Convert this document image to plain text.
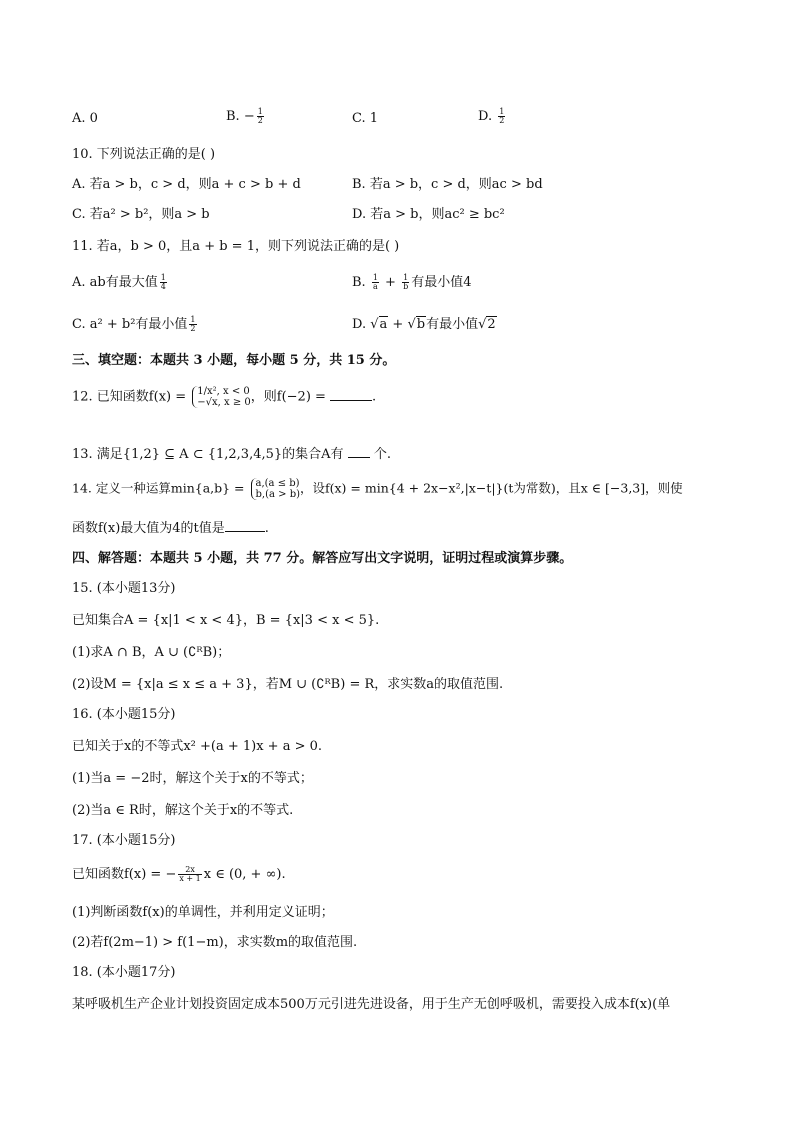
A. 0	B. − $\frac{1}{2}$	C. 1	D. $\frac{1}{2}$
10. 下列说法正确的是( )
A. 若a > b，c > d，则a + c > b + d	B. 若a > b，c > d，则ac > bd
C. 若a² > b²，则a > b	D. 若a > b，则ac² ≥ bc²
11. 若a，b > 0，且a + b = 1，则下列说法正确的是( )
A. ab有最大值 $\frac{1}{4}$	B. $\frac{1}{a} + \frac{1}{b}$ 有最小值4
C. a² + b²有最小值 $\frac{1}{2}$	D. √a + √b有最小值√2
三、填空题：本题共 3 小题，每小题 5 分，共 15 分。
12. 已知函数f(x) = 1/x², x < 0
−√x, x ≥ 0 ，则f(−2) =	.
13. 满足{1,2} ⊆ A ⊂ {1,2,3,4,5}的集合A有  个.
14. 定义一种运算min{a,b} = a,(a ≤ b)
b,(a > b) ，设f(x) = min{4 + 2x−x²,|x−t|}(t为常数)，且x ∈ [−3,3]，则使
函数f(x)最大值为4的t值是	.
四、解答题：本题共 5 小题，共 77 分。解答应写出文字说明，证明过程或演算步骤。
15. (本小题13分)
已知集合A = {x|1 < x < 4}，B = {x|3 < x < 5}.
(1)求A ∩ B，A ∪ (∁ᴿB)；
(2)设M = {x|a ≤ x ≤ a + 3}，若M ∪ (∁ᴿB) = R，求实数a的取值范围.
16. (本小题15分)
已知关于x的不等式x² +(a + 1)x + a > 0.
(1)当a = −2时，解这个关于x的不等式；
(2)当a ∈ R时，解这个关于x的不等式.
17. (本小题15分)
已知函数f(x) = − $\frac{2x}{x + 1}$ x ∈ (0, + ∞).
(1)判断函数f(x)的单调性，并利用定义证明；
(2)若f(2m−1) > f(1−m)，求实数m的取值范围.
18. (本小题17分)
某呼吸机生产企业计划投资固定成本500万元引进先进设备，用于生产无创呼吸机，需要投入成本f(x)(单
